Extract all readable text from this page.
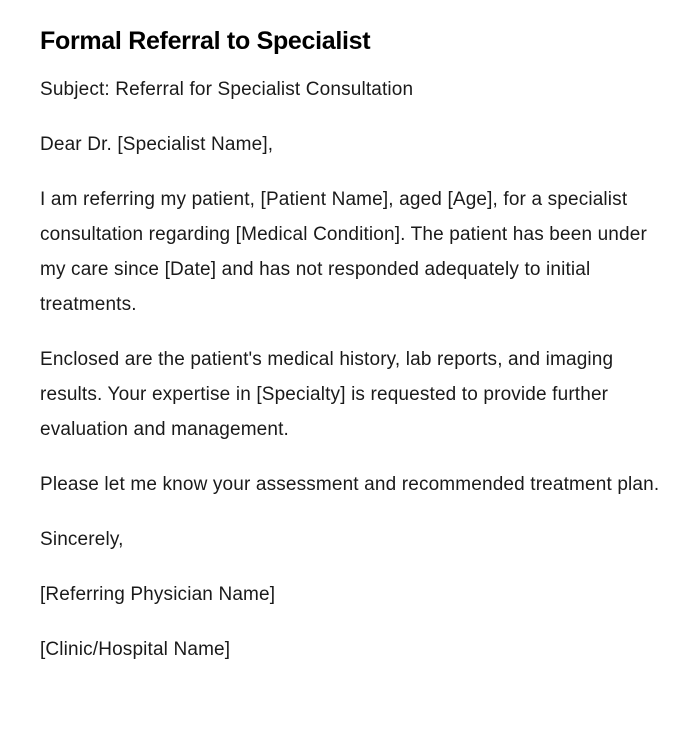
Formal Referral to Specialist

Subject: Referral for Specialist Consultation

Dear Dr. [Specialist Name],

I am referring my patient, [Patient Name], aged [Age], for a specialist consultation regarding [Medical Condition]. The patient has been under my care since [Date] and has not responded adequately to initial treatments.

Enclosed are the patient's medical history, lab reports, and imaging results. Your expertise in [Specialty] is requested to provide further evaluation and management.

Please let me know your assessment and recommended treatment plan.

Sincerely,

[Referring Physician Name]

[Clinic/Hospital Name]
